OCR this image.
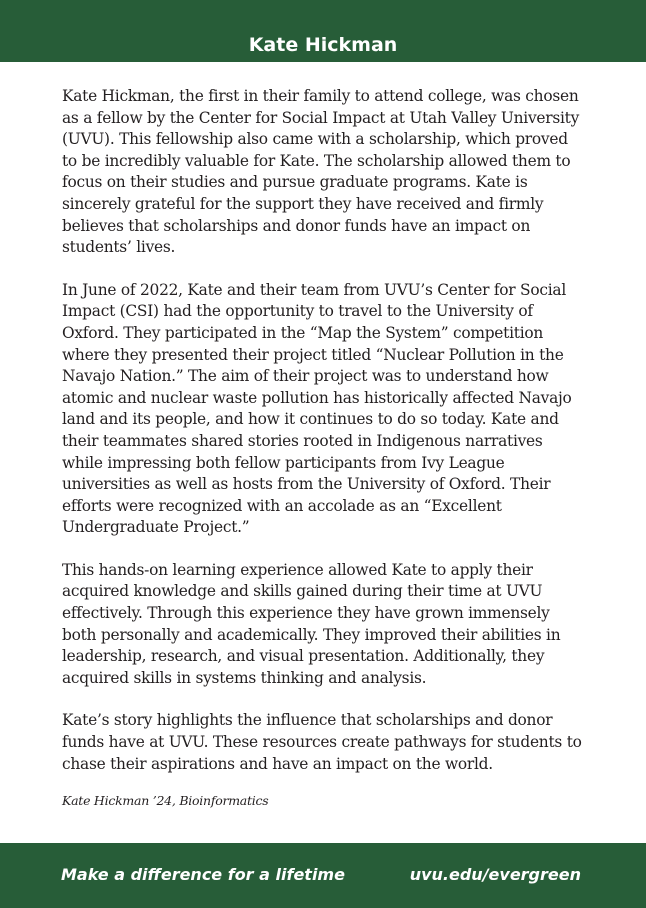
Kate Hickman

Kate Hickman, the first in their family to attend college, was chosen as a fellow by the Center for Social Impact at Utah Valley University (UVU). This fellowship also came with a scholarship, which proved to be incredibly valuable for Kate. The scholarship allowed them to focus on their studies and pursue graduate programs. Kate is sincerely grateful for the support they have received and firmly believes that scholarships and donor funds have an impact on students’ lives.

In June of 2022, Kate and their team from UVU’s Center for Social Impact (CSI) had the opportunity to travel to the University of Oxford. They participated in the “Map the System” competition where they presented their project titled “Nuclear Pollution in the Navajo Nation.” The aim of their project was to understand how atomic and nuclear waste pollution has historically affected Navajo land and its people, and how it continues to do so today. Kate and their teammates shared stories rooted in Indigenous narratives while impressing both fellow participants from Ivy League universities as well as hosts from the University of Oxford. Their efforts were recognized with an accolade as an “Excellent Undergraduate Project.”

This hands-on learning experience allowed Kate to apply their acquired knowledge and skills gained during their time at UVU effectively. Through this experience they have grown immensely both personally and academically. They improved their abilities in leadership, research, and visual presentation. Additionally, they acquired skills in systems thinking and analysis.

Kate’s story highlights the influence that scholarships and donor funds have at UVU. These resources create pathways for students to chase their aspirations and have an impact on the world.

Kate Hickman ’24, Bioinformatics

Make a difference for a lifetime	uvu.edu/evergreen
